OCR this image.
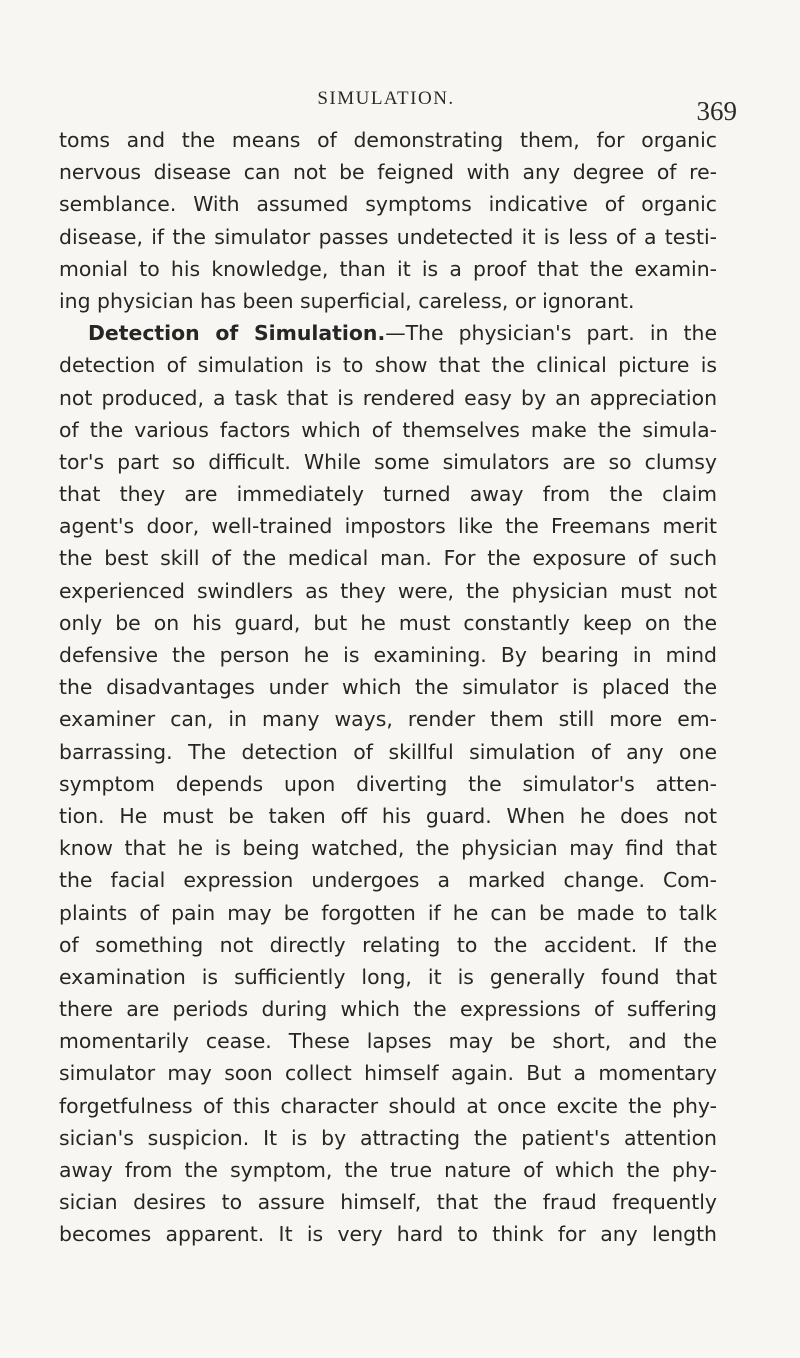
SIMULATION.	369
toms and the means of demonstrating them, for organic
nervous disease can not be feigned with any degree of re-
semblance. With assumed symptoms indicative of organic
disease, if the simulator passes undetected it is less of a testi-
monial to his knowledge, than it is a proof that the examin-
ing physician has been superficial, careless, or ignorant.
Detection of Simulation.—The physician's part. in the
detection of simulation is to show that the clinical picture is
not produced, a task that is rendered easy by an appreciation
of the various factors which of themselves make the simula-
tor's part so difficult. While some simulators are so clumsy
that they are immediately turned away from the claim
agent's door, well-trained impostors like the Freemans merit
the best skill of the medical man. For the exposure of such
experienced swindlers as they were, the physician must not
only be on his guard, but he must constantly keep on the
defensive the person he is examining. By bearing in mind
the disadvantages under which the simulator is placed the
examiner can, in many ways, render them still more em-
barrassing. The detection of skillful simulation of any one
symptom depends upon diverting the simulator's atten-
tion. He must be taken off his guard. When he does not
know that he is being watched, the physician may find that
the facial expression undergoes a marked change. Com-
plaints of pain may be forgotten if he can be made to talk
of something not directly relating to the accident. If the
examination is sufficiently long, it is generally found that
there are periods during which the expressions of suffering
momentarily cease. These lapses may be short, and the
simulator may soon collect himself again. But a momentary
forgetfulness of this character should at once excite the phy-
sician's suspicion. It is by attracting the patient's attention
away from the symptom, the true nature of which the phy-
sician desires to assure himself, that the fraud frequently
becomes apparent. It is very hard to think for any length
